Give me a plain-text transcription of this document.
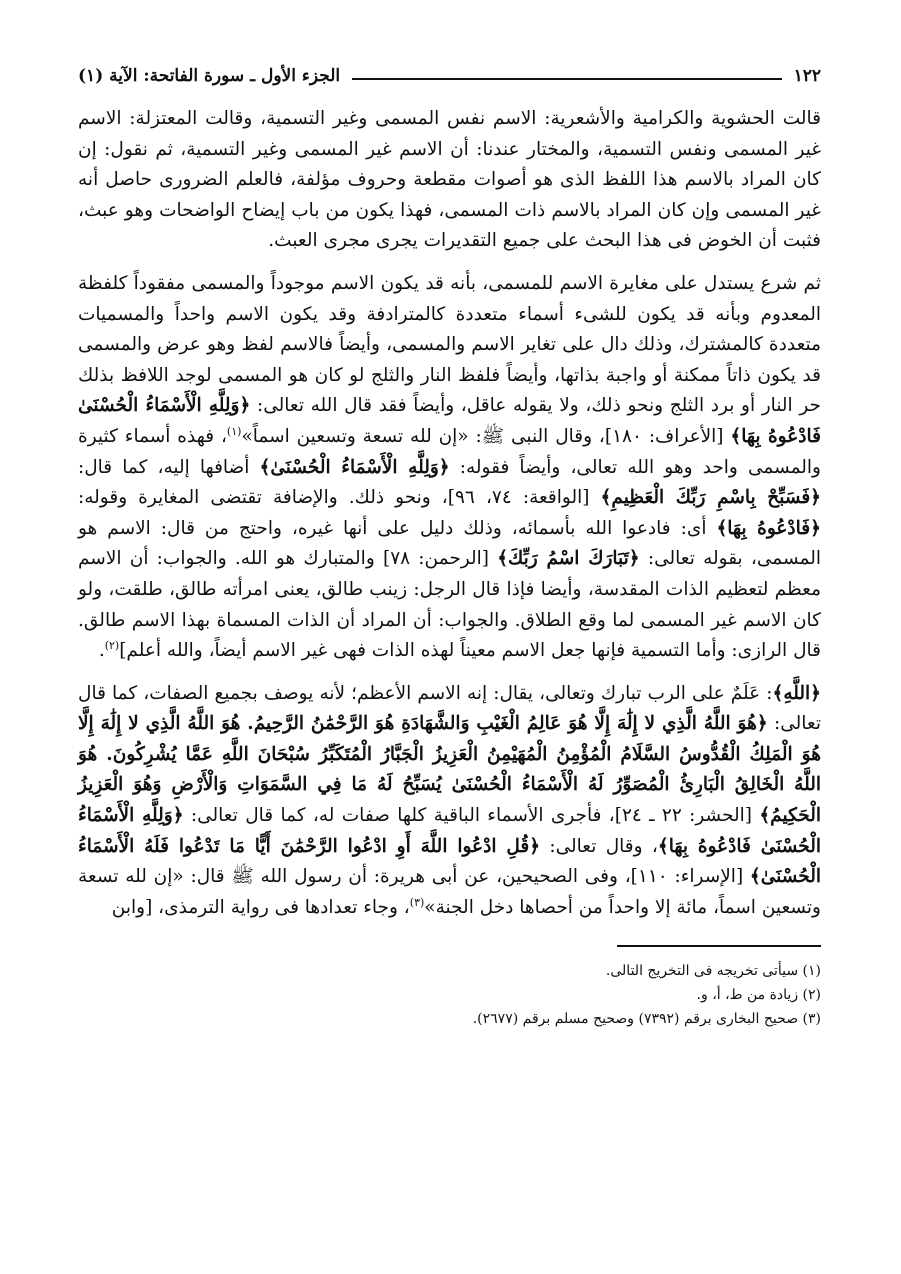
١٢٢
الجزء الأول ـ سورة الفاتحة: الآية (١)

قالت الحشوية والكرامية والأشعرية: الاسم نفس المسمى وغير التسمية، وقالت المعتزلة: الاسم غير المسمى ونفس التسمية، والمختار عندنا: أن الاسم غير المسمى وغير التسمية، ثم نقول: إن كان المراد بالاسم هذا اللفظ الذى هو أصوات مقطعة وحروف مؤلفة، فالعلم الضرورى حاصل أنه غير المسمى وإن كان المراد بالاسم ذات المسمى، فهذا يكون من باب إيضاح الواضحات وهو عبث، فثبت أن الخوض فى هذا البحث على جميع التقديرات يجرى مجرى العبث.

ثم شرع يستدل على مغايرة الاسم للمسمى، بأنه قد يكون الاسم موجوداً والمسمى مفقوداً كلفظة المعدوم وبأنه قد يكون للشىء أسماء متعددة كالمترادفة وقد يكون الاسم واحداً والمسميات متعددة كالمشترك، وذلك دال على تغاير الاسم والمسمى، وأيضاً فالاسم لفظ وهو عرض والمسمى قد يكون ذاتاً ممكنة أو واجبة بذاتها، وأيضاً فلفظ النار والثلج لو كان هو المسمى لوجد اللافظ بذلك حر النار أو برد الثلج ونحو ذلك، ولا يقوله عاقل، وأيضاً فقد قال الله تعالى: ﴿وَلِلَّهِ الْأَسْمَاءُ الْحُسْنَىٰ فَادْعُوهُ بِهَا﴾ [الأعراف: ١٨٠]، وقال النبى ﷺ: «إن لله تسعة وتسعين اسماً»$^{(١)}$، فهذه أسماء كثيرة والمسمى واحد وهو الله تعالى، وأيضاً فقوله: ﴿وَلِلَّهِ الْأَسْمَاءُ الْحُسْنَىٰ﴾ أضافها إليه، كما قال: ﴿فَسَبِّحْ بِاسْمِ رَبِّكَ الْعَظِيمِ﴾ [الواقعة: ٧٤، ٩٦]، ونحو ذلك. والإضافة تقتضى المغايرة وقوله: ﴿فَادْعُوهُ بِهَا﴾ أى: فادعوا الله بأسمائه، وذلك دليل على أنها غيره، واحتج من قال: الاسم هو المسمى، بقوله تعالى: ﴿تَبَارَكَ اسْمُ رَبِّكَ﴾ [الرحمن: ٧٨] والمتبارك هو الله. والجواب: أن الاسم معظم لتعظيم الذات المقدسة، وأيضا فإذا قال الرجل: زينب طالق، يعنى امرأته طالق، طلقت، ولو كان الاسم غير المسمى لما وقع الطلاق. والجواب: أن المراد أن الذات المسماة بهذا الاسم طالق. قال الرازى: وأما التسمية فإنها جعل الاسم معيناً لهذه الذات فهى غير الاسم أيضاً، والله أعلم]$^{(٢)}$.

﴿اللَّهِ﴾: عَلَمٌ على الرب تبارك وتعالى، يقال: إنه الاسم الأعظم؛ لأنه يوصف بجميع الصفات، كما قال تعالى: ﴿هُوَ اللَّهُ الَّذِي لا إِلَٰهَ إِلَّا هُوَ عَالِمُ الْغَيْبِ وَالشَّهَادَةِ هُوَ الرَّحْمَٰنُ الرَّحِيمُ. هُوَ اللَّهُ الَّذِي لا إِلَٰهَ إِلَّا هُوَ الْمَلِكُ الْقُدُّوسُ السَّلَامُ الْمُؤْمِنُ الْمُهَيْمِنُ الْعَزِيزُ الْجَبَّارُ الْمُتَكَبِّرُ سُبْحَانَ اللَّهِ عَمَّا يُشْرِكُونَ. هُوَ اللَّهُ الْخَالِقُ الْبَارِئُ الْمُصَوِّرُ لَهُ الْأَسْمَاءُ الْحُسْنَىٰ يُسَبِّحُ لَهُ مَا فِي السَّمَوَاتِ وَالْأَرْضِ وَهُوَ الْعَزِيزُ الْحَكِيمُ﴾ [الحشر: ٢٢ ـ ٢٤]، فأجرى الأسماء الباقية كلها صفات له، كما قال تعالى: ﴿وَلِلَّهِ الْأَسْمَاءُ الْحُسْنَىٰ فَادْعُوهُ بِهَا﴾، وقال تعالى: ﴿قُلِ ادْعُوا اللَّهَ أَوِ ادْعُوا الرَّحْمَٰنَ أَيًّا مَا تَدْعُوا فَلَهُ الْأَسْمَاءُ الْحُسْنَىٰ﴾ [الإسراء: ١١٠]، وفى الصحيحين، عن أبى هريرة: أن رسول الله ﷺ قال: «إن لله تسعة وتسعين اسماً، مائة إلا واحداً من أحصاها دخل الجنة»$^{(٣)}$، وجاء تعدادها فى رواية الترمذى، [وابن

(١) سيأتى تخريجه فى التخريج التالى.
(٢) زيادة من ط، أ، و.
(٣) صحيح البخارى برقم (٧٣٩٢) وصحيح مسلم برقم (٢٦٧٧).
